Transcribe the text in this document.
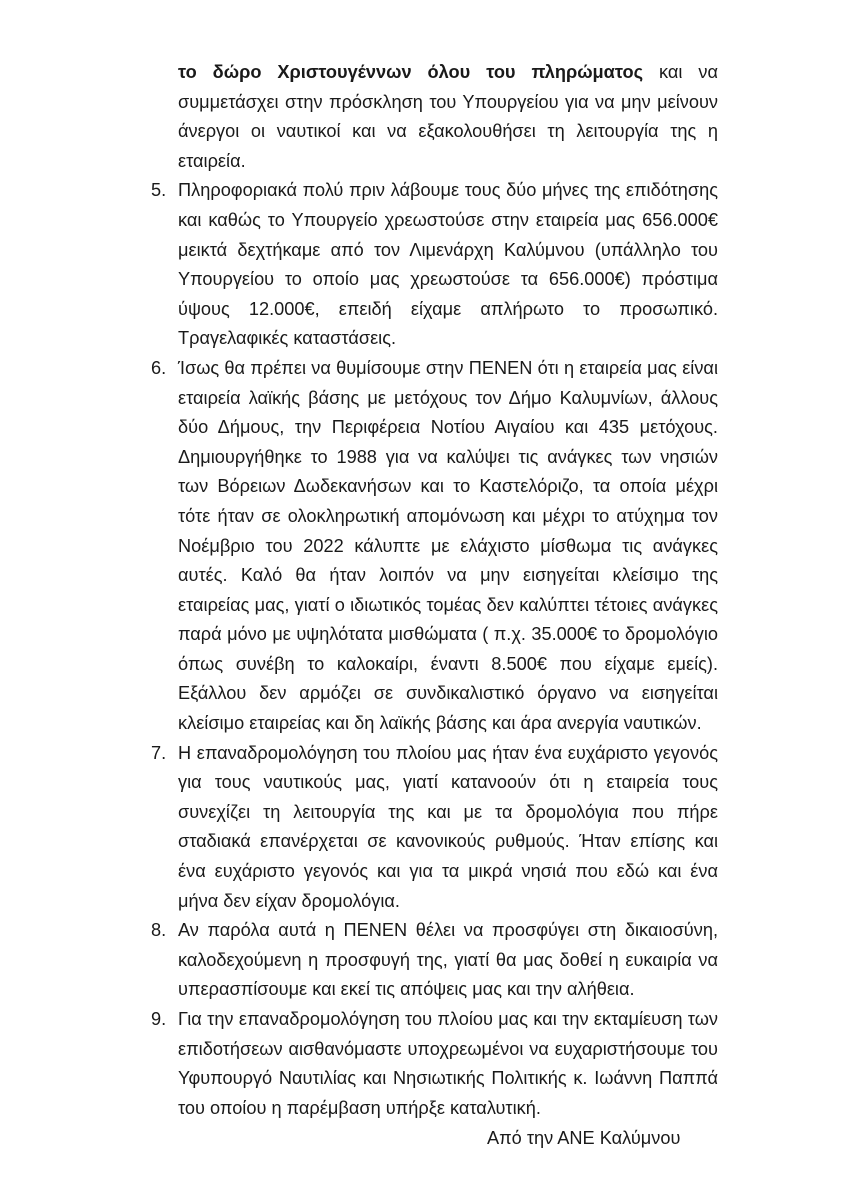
το δώρο Χριστουγέννων όλου του πληρώματος και να συμμετάσχει στην πρόσκληση του Υπουργείου για να μην μείνουν άνεργοι οι ναυτικοί και να εξακολουθήσει τη λειτουργία της η εταιρεία.

5. Πληροφοριακά πολύ πριν λάβουμε τους δύο μήνες της επιδότησης και καθώς το Υπουργείο χρεωστούσε στην εταιρεία μας 656.000€ μεικτά δεχτήκαμε από τον Λιμενάρχη Καλύμνου (υπάλληλο του Υπουργείου το οποίο μας χρεωστούσε τα 656.000€) πρόστιμα ύψους 12.000€, επειδή είχαμε απλήρωτο το προσωπικό. Τραγελαφικές καταστάσεις.

6. Ίσως θα πρέπει να θυμίσουμε στην ΠΕΝΕΝ ότι η εταιρεία μας είναι εταιρεία λαϊκής βάσης με μετόχους τον Δήμο Καλυμνίων, άλλους δύο Δήμους, την Περιφέρεια Νοτίου Αιγαίου και 435 μετόχους. Δημιουργήθηκε το 1988 για να καλύψει τις ανάγκες των νησιών των Βόρειων Δωδεκανήσων και το Καστελόριζο, τα οποία μέχρι τότε ήταν σε ολοκληρωτική απομόνωση και μέχρι το ατύχημα τον Νοέμβριο του 2022 κάλυπτε με ελάχιστο μίσθωμα τις ανάγκες αυτές. Καλό θα ήταν λοιπόν να μην εισηγείται κλείσιμο της εταιρείας μας, γιατί ο ιδιωτικός τομέας δεν καλύπτει τέτοιες ανάγκες παρά μόνο με υψηλότατα μισθώματα ( π.χ. 35.000€ το δρομολόγιο όπως συνέβη το καλοκαίρι, έναντι 8.500€ που είχαμε εμείς). Εξάλλου δεν αρμόζει σε συνδικαλιστικό όργανο να εισηγείται κλείσιμο εταιρείας και δη λαϊκής βάσης και άρα ανεργία ναυτικών.

7. Η επαναδρομολόγηση του πλοίου μας ήταν ένα ευχάριστο γεγονός για τους ναυτικούς μας, γιατί κατανοούν ότι η εταιρεία τους συνεχίζει τη λειτουργία της και με τα δρομολόγια που πήρε σταδιακά επανέρχεται σε κανονικούς ρυθμούς. Ήταν επίσης και ένα ευχάριστο γεγονός και για τα μικρά νησιά που εδώ και ένα μήνα δεν είχαν δρομολόγια.

8. Αν παρόλα αυτά η ΠΕΝΕΝ θέλει να προσφύγει στη δικαιοσύνη, καλοδεχούμενη η προσφυγή της, γιατί θα μας δοθεί η ευκαιρία να υπερασπίσουμε και εκεί τις απόψεις μας και την αλήθεια.

9. Για την επαναδρομολόγηση του πλοίου μας και την εκταμίευση των επιδοτήσεων αισθανόμαστε υποχρεωμένοι να ευχαριστήσουμε του Υφυπουργό Ναυτιλίας και Νησιωτικής Πολιτικής κ. Ιωάννη Παππά του οποίου η παρέμβαση υπήρξε καταλυτική.

Από την ΑΝΕ Καλύμνου
